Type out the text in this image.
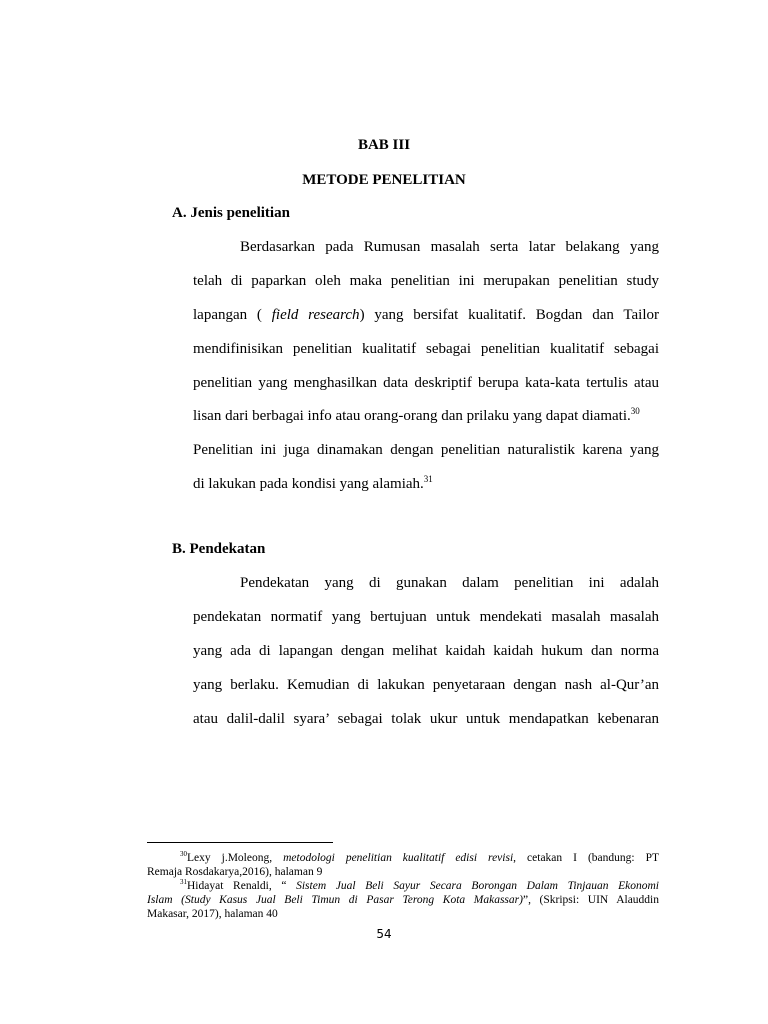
BAB III
METODE PENELITIAN
A. Jenis penelitian
Berdasarkan pada Rumusan masalah serta latar belakang yang
telah di paparkan oleh maka penelitian ini merupakan penelitian study
lapangan ( field research) yang bersifat kualitatif. Bogdan dan Tailor
mendifinisikan penelitian kualitatif sebagai penelitian kualitatif sebagai
penelitian yang menghasilkan data deskriptif berupa kata-kata tertulis atau
lisan dari berbagai info atau orang-orang dan prilaku yang dapat diamati.$^{30}$
Penelitian ini juga dinamakan dengan penelitian naturalistik karena yang
di lakukan pada kondisi yang alamiah.$^{31}$
B. Pendekatan
Pendekatan yang di gunakan dalam penelitian ini adalah
pendekatan normatif yang bertujuan untuk mendekati masalah masalah
yang ada di lapangan dengan melihat kaidah kaidah hukum dan norma
yang berlaku. Kemudian di lakukan penyetaraan dengan nash al-Qur’an
atau dalil-dalil syara’ sebagai tolak ukur untuk mendapatkan kebenaran
$^{30}$Lexy j.Moleong, metodologi penelitian kualitatif edisi revisi, cetakan I (bandung: PT
Remaja Rosdakarya,2016), halaman 9
$^{31}$Hidayat Renaldi, “ Sistem Jual Beli Sayur Secara Borongan Dalam Tinjauan Ekonomi
Islam (Study Kasus Jual Beli Timun di Pasar Terong Kota Makassar)”, (Skripsi: UIN Alauddin
Makasar, 2017), halaman 40
54
